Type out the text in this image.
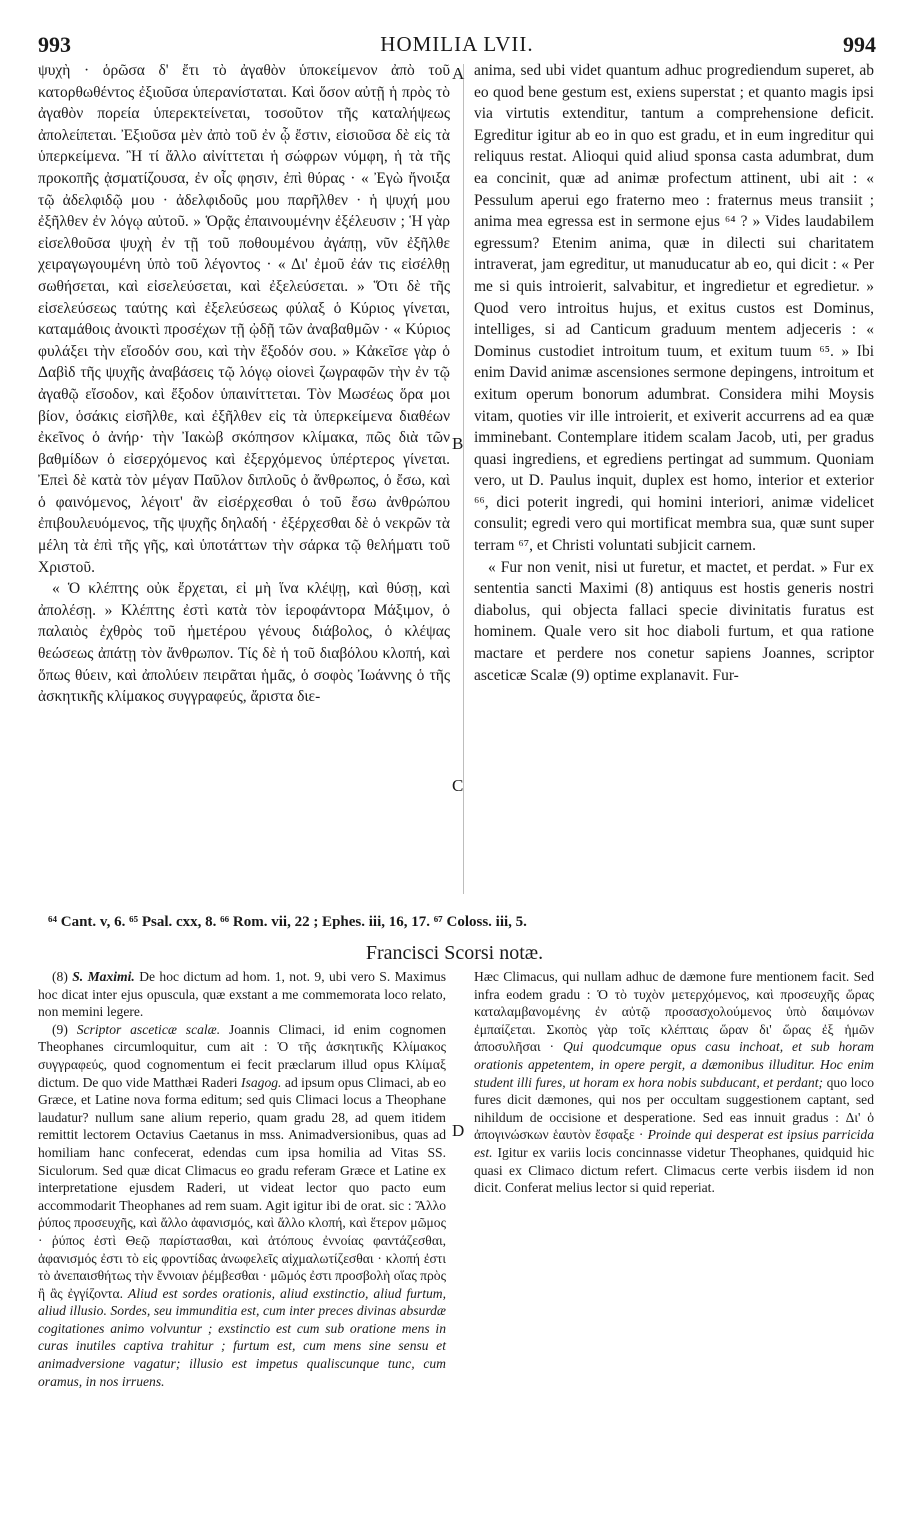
993	HOMILIA LVII.	994

ψυχὴ · ὁρῶσα δ' ἔτι τὸ ἀγαθὸν ὑποκείμενον ἀπὸ τοῦ κατορθωθέντος ἐξιοῦσα ὑπερανίσταται. Καὶ ὅσον αὐτῇ ἡ πρὸς τὸ ἀγαθὸν πορεία ὑπερεκτείνεται, τοσοῦτον τῆς καταλήψεως ἀπολείπεται. Ἐξιοῦσα μὲν ἀπὸ τοῦ ἐν ᾧ ἔστιν, εἰσιοῦσα δὲ εἰς τὰ ὑπερκείμενα. Ἢ τί ἄλλο αἰνίττεται ἡ σώφρων νύμφη, ἡ τὰ τῆς προκοπῆς ᾀσματίζουσα, ἐν οἷς φησιν, ἐπὶ θύρας · « Ἐγὼ ἤνοιξα τῷ ἀδελφιδῷ μου · ἀδελφιδοῦς μου παρῆλθεν · ἡ ψυχή μου ἐξῆλθεν ἐν λόγῳ αὐτοῦ. » Ὁρᾷς ἐπαινουμένην ἐξέλευσιν ; Ἡ γὰρ εἰσελθοῦσα ψυχὴ ἐν τῇ τοῦ ποθουμένου ἀγάπῃ, νῦν ἐξῆλθε χειραγωγουμένη ὑπὸ τοῦ λέγοντος · « Δι' ἐμοῦ ἐάν τις εἰσέλθῃ σωθήσεται, καὶ εἰσελεύσεται, καὶ ἐξελεύσεται. » Ὅτι δὲ τῆς εἰσελεύσεως ταύτης καὶ ἐξελεύσεως φύλαξ ὁ Κύριος γίνεται, καταμάθοις ἀνοικτὶ προσέχων τῇ ᾠδῇ τῶν ἀναβαθμῶν · « Κύριος φυλάξει τὴν εἴσοδόν σου, καὶ τὴν ἔξοδόν σου. » Κἀκεῖσε γὰρ ὁ Δαβὶδ τῆς ψυχῆς ἀναβάσεις τῷ λόγῳ οἱονεὶ ζωγραφῶν τὴν ἐν τῷ ἀγαθῷ εἴσοδον, καὶ ἔξοδον ὑπαινίττεται. Τὸν Μωσέως ὅρα μοι βίον, ὁσάκις εἰσῆλθε, καὶ ἐξῆλθεν εἰς τὰ ὑπερκείμενα διαθέων ἐκεῖνος ὁ ἀνήρ· τὴν Ἰακὼβ σκόπησον κλίμακα, πῶς διὰ τῶν βαθμίδων ὁ εἰσερχόμενος καὶ ἐξερχόμενος ὑπέρτερος γίνεται. Ἐπεὶ δὲ κατὰ τὸν μέγαν Παῦλον διπλοῦς ὁ ἄνθρωπος, ὁ ἔσω, καὶ ὁ φαινόμενος, λέγοιτ' ἂν εἰσέρχεσθαι ὁ τοῦ ἔσω ἀνθρώπου ἐπιβουλευόμενος, τῆς ψυχῆς δηλαδή · ἐξέρχεσθαι δὲ ὁ νεκρῶν τὰ μέλη τὰ ἐπὶ τῆς γῆς, καὶ ὑποτάττων τὴν σάρκα τῷ θελήματι τοῦ Χριστοῦ.

« Ὁ κλέπτης οὐκ ἔρχεται, εἰ μὴ ἵνα κλέψῃ, καὶ θύσῃ, καὶ ἀπολέσῃ. » Κλέπτης ἐστὶ κατὰ τὸν ἱεροφάντορα Μάξιμον, ὁ παλαιὸς ἐχθρὸς τοῦ ἡμετέρου γένους διάβολος, ὁ κλέψας θεώσεως ἀπάτῃ τὸν ἄνθρωπον. Τίς δὲ ἡ τοῦ διαβόλου κλοπή, καὶ ὅπως θύειν, καὶ ἀπολύειν πειρᾶται ἡμᾶς, ὁ σοφὸς Ἰωάννης ὁ τῆς ἀσκητικῆς κλίμακος συγγραφεύς, ἄριστα διε-

A
B
C
D

anima, sed ubi videt quantum adhuc progrediendum superet, ab eo quod bene gestum est, exiens superstat ; et quanto magis ipsi via virtutis extenditur, tantum a comprehensione deficit. Egreditur igitur ab eo in quo est gradu, et in eum ingreditur qui reliquus restat. Alioqui quid aliud sponsa casta adumbrat, dum ea concinit, quæ ad animæ profectum attinent, ubi ait : « Pessulum aperui ego fraterno meo : fraternus meus transiit ; anima mea egressa est in sermone ejus ⁶⁴ ? » Vides laudabilem egressum? Etenim anima, quæ in dilecti sui charitatem intraverat, jam egreditur, ut manuducatur ab eo, qui dicit : « Per me si quis introierit, salvabitur, et ingredietur et egredietur. » Quod vero introitus hujus, et exitus custos est Dominus, intelliges, si ad Canticum graduum mentem adjeceris : « Dominus custodiet introitum tuum, et exitum tuum ⁶⁵. » Ibi enim David animæ ascensiones sermone depingens, introitum et exitum operum bonorum adumbrat. Considera mihi Moysis vitam, quoties vir ille introierit, et exiverit accurrens ad ea quæ imminebant. Contemplare itidem scalam Jacob, uti, per gradus quasi ingrediens, et egrediens pertingat ad summum. Quoniam vero, ut D. Paulus inquit, duplex est homo, interior et exterior ⁶⁶, dici poterit ingredi, qui homini interiori, animæ videlicet consulit; egredi vero qui mortificat membra sua, quæ sunt super terram ⁶⁷, et Christi voluntati subjicit carnem.

« Fur non venit, nisi ut furetur, et mactet, et perdat. » Fur ex sententia sancti Maximi (8) antiquus est hostis generis nostri diabolus, qui objecta fallaci specie divinitatis furatus est hominem. Quale vero sit hoc diaboli furtum, et qua ratione mactare et perdere nos conetur sapiens Joannes, scriptor asceticæ Scalæ (9) optime explanavit. Fur-

⁶⁴ Cant. v, 6. ⁶⁵ Psal. cxx, 8. ⁶⁶ Rom. vii, 22 ; Ephes. iii, 16, 17. ⁶⁷ Coloss. iii, 5.
Francisci Scorsi notæ.

(8) S. Maximi. De hoc dictum ad hom. 1, not. 9, ubi vero S. Maximus hoc dicat inter ejus opuscula, quæ exstant a me commemorata loco relato, non memini legere.

(9) Scriptor asceticæ scalæ. Joannis Climaci, id enim cognomen Theophanes circumloquitur, cum ait : Ὁ τῆς ἀσκητικῆς Κλίμακος συγγραφεύς, quod cognomentum ei fecit præclarum illud opus Κλίμαξ dictum. De quo vide Matthæi Raderi Isagog. ad ipsum opus Climaci, ab eo Græce, et Latine nova forma editum; sed quis Climaci locus a Theophane laudatur? nullum sane alium reperio, quam gradu 28, ad quem itidem remittit lectorem Octavius Caetanus in mss. Animadversionibus, quas ad homiliam hanc confecerat, edendas cum ipsa homilia ad Vitas SS. Siculorum. Sed quæ dicat Climacus eo gradu referam Græce et Latine ex interpretatione ejusdem Raderi, ut videat lector quo pacto eum accommodarit Theophanes ad rem suam. Agit igitur ibi de orat. sic : Ἄλλο ῥύπος προσευχῆς, καὶ ἄλλο ἀφανισμός, καὶ ἄλλο κλοπή, καὶ ἕτερον μῶμος · ῥύπος ἐστὶ Θεῷ παρίστασθαι, καὶ ἀτόπους ἐννοίας φαντάζεσθαι, ἀφανισμός ἐστι τὸ εἰς φροντίδας ἀνωφελεῖς αἰχμαλωτίζεσθαι · κλοπή ἐστι τὸ ἀνεπαισθήτως τὴν ἔννοιαν ῥέμβεσθαι · μῶμός ἐστι προσβολὴ οἵας πρὸς ἢ ἂς ἐγγίζοντα. Aliud est sordes orationis, aliud exstinctio, aliud furtum, aliud illusio. Sordes, seu immunditia est, cum inter preces divinas absurdæ cogitationes animo volvuntur ; exstinctio est cum sub oratione mens in curas inutiles captiva trahitur ; furtum est, cum mens sine sensu et animadversione vagatur; illusio est impetus qualiscunque tunc, cum oramus, in nos irruens.

Hæc Climacus, qui nullam adhuc de dæmone fure mentionem facit. Sed infra eodem gradu : Ὁ τὸ τυχὸν μετερχόμενος, καὶ προσευχῆς ὥρας καταλαμβανομένης ἐν αὐτῷ προσασχολούμενος ὑπὸ δαιμόνων ἐμπαίζεται. Σκοπὸς γὰρ τοῖς κλέπταις ὥραν δι' ὥρας ἐξ ἡμῶν ἀποσυλῆσαι · Qui quodcumque opus casu inchoat, et sub horam orationis appetentem, in opere pergit, a dæmonibus illuditur. Hoc enim student illi fures, ut horam ex hora nobis subducant, et perdant; quo loco fures dicit dæmones, qui nos per occultam suggestionem captant, sed nihildum de occisione et desperatione. Sed eas innuit gradus : Δι' ὁ ἀπογινώσκων ἑαυτὸν ἔσφαξε · Proinde qui desperat est ipsius parricida est. Igitur ex variis locis concinnasse videtur Theophanes, quidquid hic quasi ex Climaco dictum refert. Climacus certe verbis iisdem id non dicit. Conferat melius lector si quid reperiat.
